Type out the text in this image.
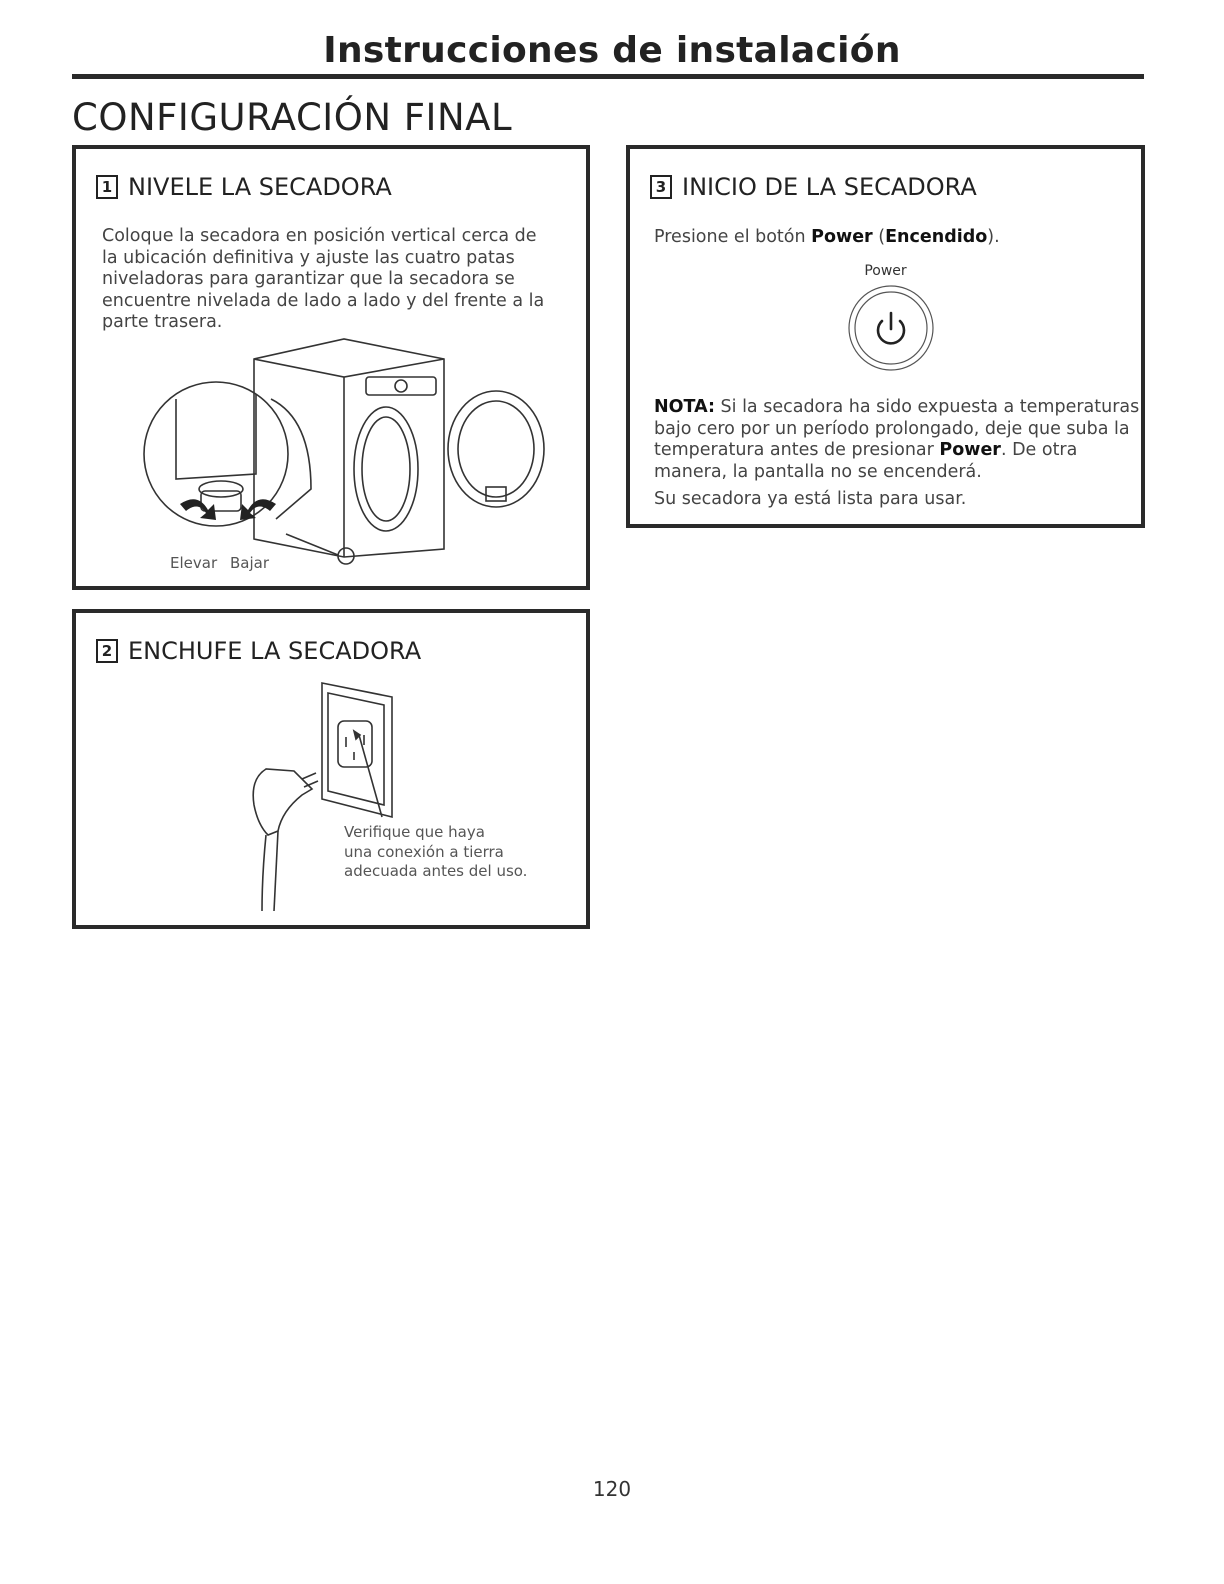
Instrucciones de instalación
CONFIGURACIÓN FINAL
1 NIVELE LA SECADORA
Coloque la secadora en posición vertical cerca de la ubicación definitiva y ajuste las cuatro patas niveladoras para garantizar que la secadora se encuentre nivelada de lado a lado y del frente a la parte trasera.
Elevar Bajar
2 ENCHUFE LA SECADORA
Verifique que haya
una conexión a tierra
adecuada antes del uso.
3 INICIO DE LA SECADORA
Presione el botón Power (Encendido).
Power
NOTA: Si la secadora ha sido expuesta a temperaturas bajo cero por un período prolongado, deje que suba la temperatura antes de presionar Power. De otra manera, la pantalla no se encenderá.
Su secadora ya está lista para usar.
120
